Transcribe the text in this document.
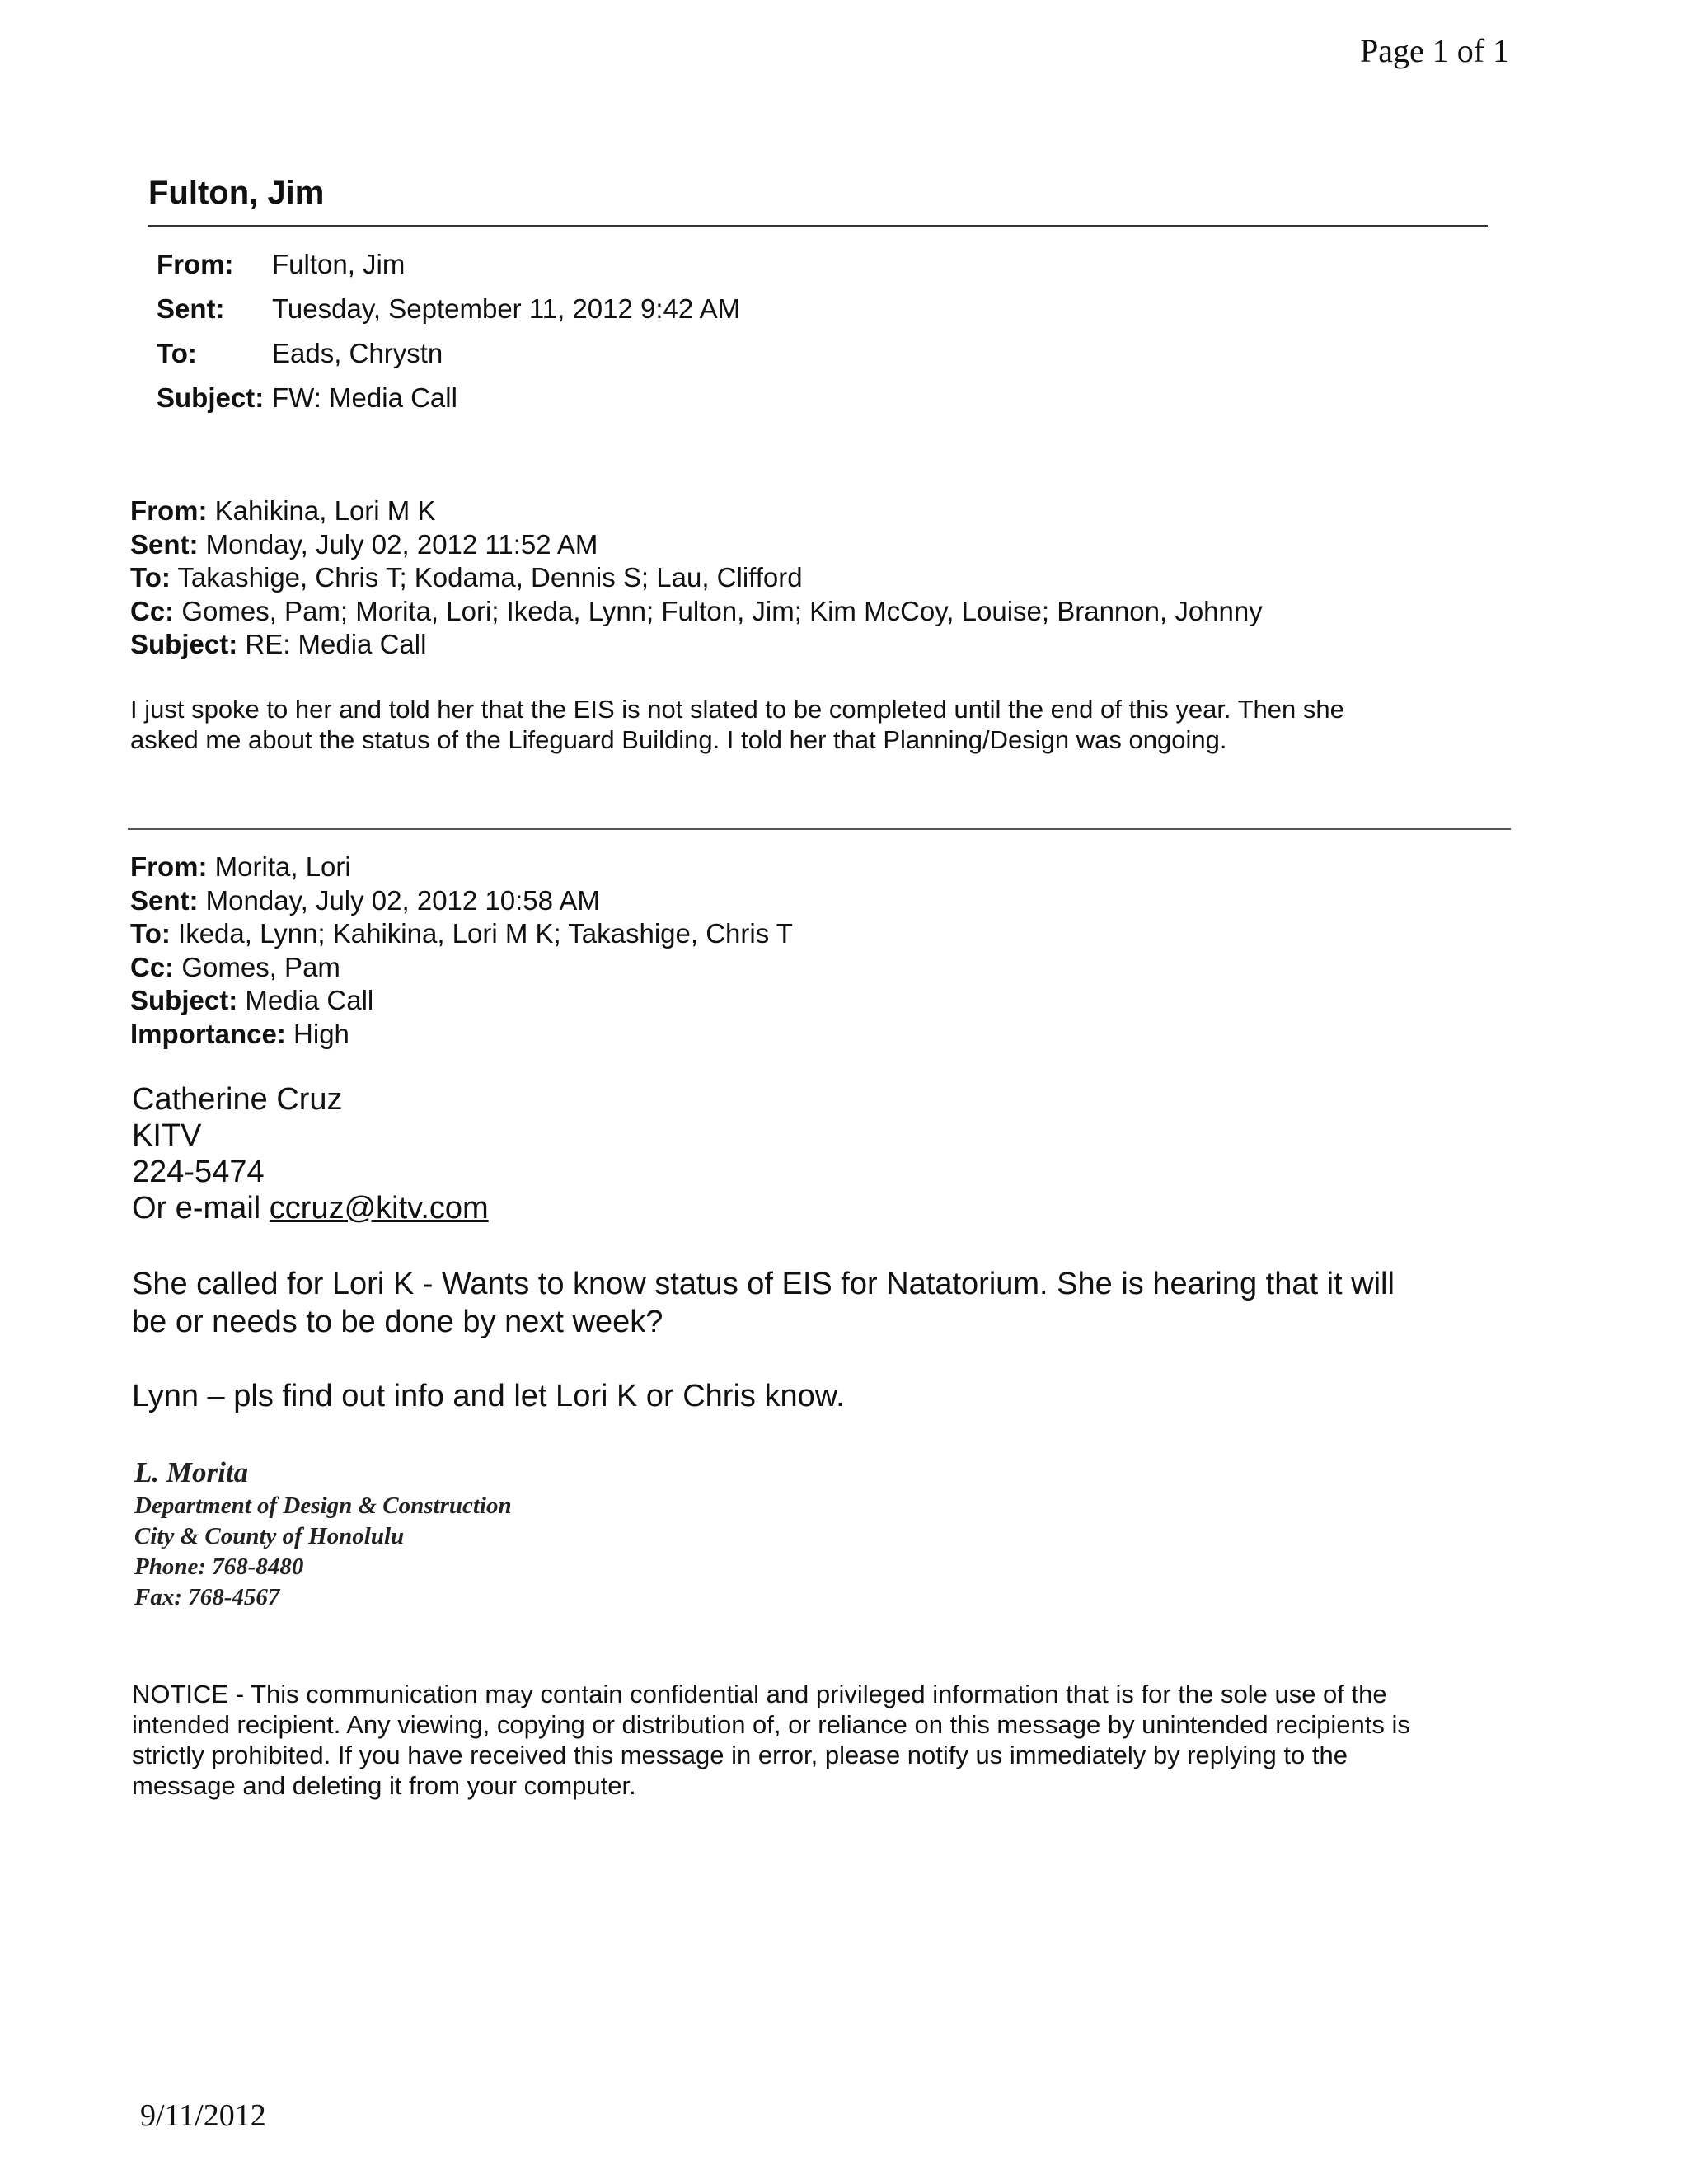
Page 1 of 1
Fulton, Jim
From:	Fulton, Jim
Sent:	Tuesday, September 11, 2012 9:42 AM
To:	Eads, Chrystn
Subject:	FW: Media Call
From: Kahikina, Lori M K
Sent: Monday, July 02, 2012 11:52 AM
To: Takashige, Chris T; Kodama, Dennis S; Lau, Clifford
Cc: Gomes, Pam; Morita, Lori; Ikeda, Lynn; Fulton, Jim; Kim McCoy, Louise; Brannon, Johnny
Subject: RE: Media Call
I just spoke to her and told her that the EIS is not slated to be completed until the end of this year. Then she
asked me about the status of the Lifeguard Building. I told her that Planning/Design was ongoing.
From: Morita, Lori
Sent: Monday, July 02, 2012 10:58 AM
To: Ikeda, Lynn; Kahikina, Lori M K; Takashige, Chris T
Cc: Gomes, Pam
Subject: Media Call
Importance: High
Catherine Cruz
KITV
224-5474
Or e-mail ccruz@kitv.com

She called for Lori K - Wants to know status of EIS for Natatorium. She is hearing that it will
be or needs to be done by next week?

Lynn – pls find out info and let Lori K or Chris know.

L. Morita
Department of Design & Construction
City & County of Honolulu
Phone: 768-8480
Fax: 768-4567
NOTICE - This communication may contain confidential and privileged information that is for the sole use of the
intended recipient. Any viewing, copying or distribution of, or reliance on this message by unintended recipients is
strictly prohibited. If you have received this message in error, please notify us immediately by replying to the
message and deleting it from your computer.
9/11/2012
